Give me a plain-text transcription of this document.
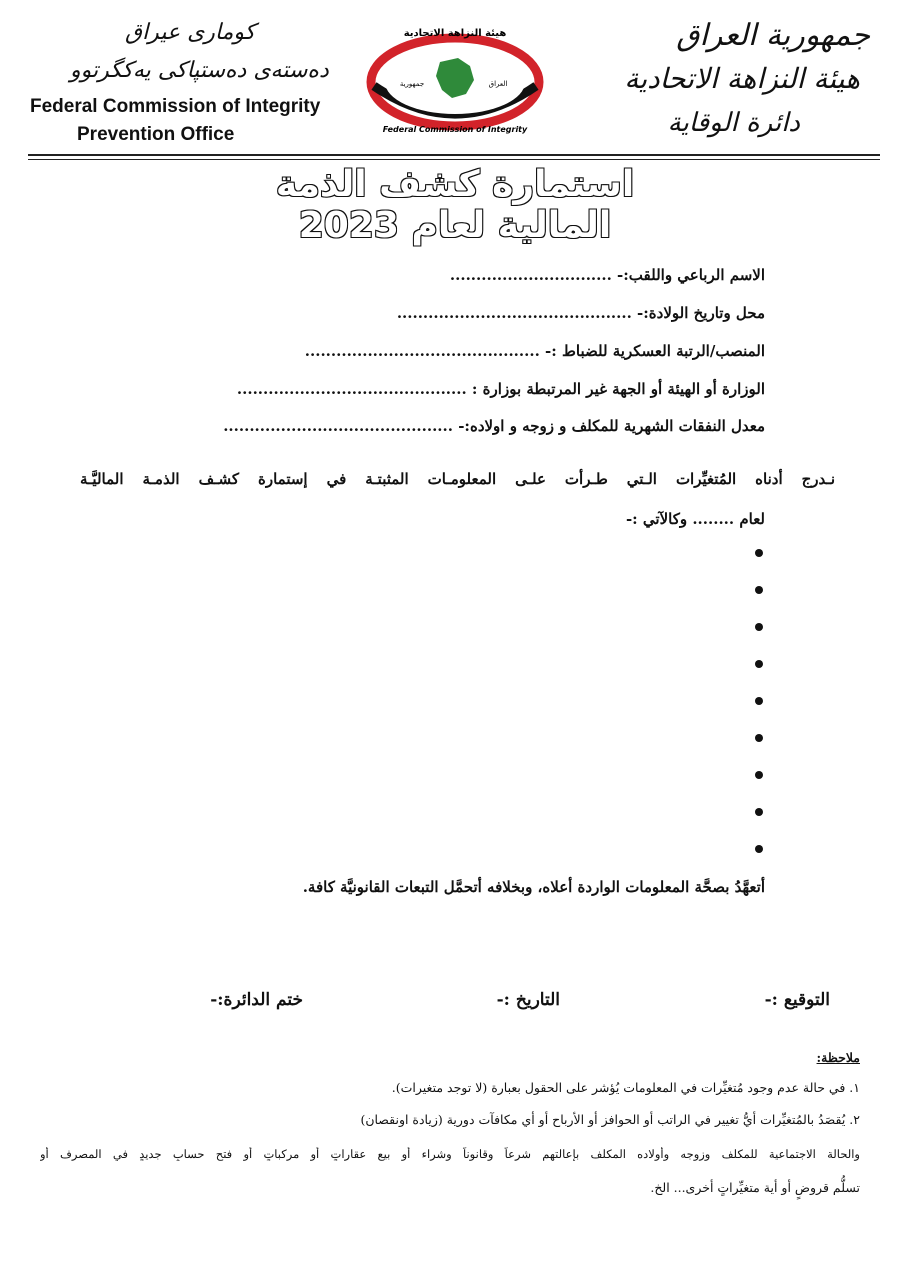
کوماری عیراق
دەستەی دەستپاکی یەکگرتوو
Federal Commission of Integrity
Prevention Office
هيئة النزاهة الاتحادية
جمهورية	العراق
Federal Commission of Integrity
جمهورية العراق
هيئة النزاهة الاتحادية
دائرة الوقاية
استمارة كشف الذمة المالية لعام 2023
الاسم الرباعي واللقب:- ...............................
محل وتاريخ الولادة:- .............................................
المنصب/الرتبة العسكرية للضباط :- .............................................
الوزارة أو الهيئة أو الجهة غير المرتبطة بوزارة : ............................................
معدل النفقات الشهرية للمكلف و زوجه و اولاده:- ............................................
نـدرج أدناه المُتغيِّرات الـتي طـرأت علـى المعلومـات المثبتـة في إستمارة كشـف الذمـة الماليَّـة
لعام ........ وكالآتي :-
أتعهَّدُ بصحَّة المعلومات الواردة أعلاه، وبخلافه أتحمَّل التبعات القانونيَّة كافة.
التوقيع :-
التاريخ :-
ختم الدائرة:-
ملاحظة:
١. في حالة عدم وجود مُتغيِّرات في المعلومات يُؤشر على الحقول بعبارة (لا توجد متغيرات).
٢. يُقصَدُ بالمُتغيِّرات أيُّ تغيير في الراتب أو الحوافز أو الأرباح أو أي مكافآت دورية (زيادة اونقصان)
والحالة الاجتماعية للمكلف وزوجه وأولاده المكلف بإعالتهم شرعاً وقانوناً وشراء أو بيع عقاراتٍ أو مركباتٍ أو فتح حسابٍ جديدٍ في المصرف أو
تسلُّم قروضٍ أو أية متغيِّراتٍ أخرى... الخ.
